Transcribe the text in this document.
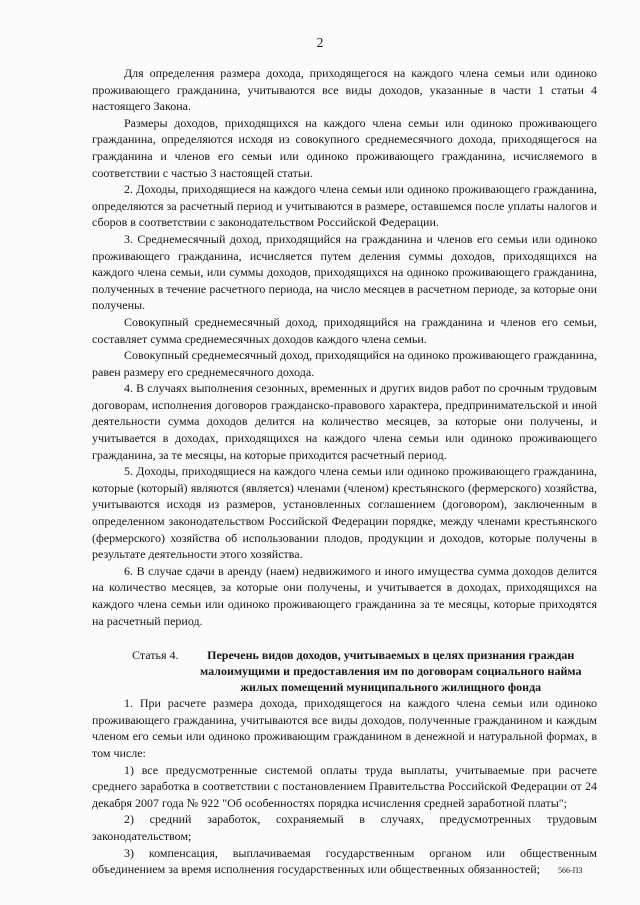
2

Для определения размера дохода, приходящегося на каждого члена семьи или одиноко проживающего гражданина, учитываются все виды доходов, указанные в части 1 статьи 4 настоящего Закона.

Размеры доходов, приходящихся на каждого члена семьи или одиноко проживающего гражданина, определяются исходя из совокупного среднемесячного дохода, приходящегося на гражданина и членов его семьи или одиноко проживающего гражданина, исчисляемого в соответствии с частью 3 настоящей статьи.

2. Доходы, приходящиеся на каждого члена семьи или одиноко проживающего гражданина, определяются за расчетный период и учитываются в размере, оставшемся после уплаты налогов и сборов в соответствии с законодательством Российской Федерации.

3. Среднемесячный доход, приходящийся на гражданина и членов его семьи или одиноко проживающего гражданина, исчисляется путем деления суммы доходов, приходящихся на каждого члена семьи, или суммы доходов, приходящихся на одиноко проживающего гражданина, полученных в течение расчетного периода, на число месяцев в расчетном периоде, за которые они получены.

Совокупный среднемесячный доход, приходящийся на гражданина и членов его семьи, составляет сумма среднемесячных доходов каждого члена семьи.

Совокупный среднемесячный доход, приходящийся на одиноко проживающего гражданина, равен размеру его среднемесячного дохода.

4. В случаях выполнения сезонных, временных и других видов работ по срочным трудовым договорам, исполнения договоров гражданско-правового характера, предпринимательской и иной деятельности сумма доходов делится на количество месяцев, за которые они получены, и учитывается в доходах, приходящихся на каждого члена семьи или одиноко проживающего гражданина, за те месяцы, на которые приходится расчетный период.

5. Доходы, приходящиеся на каждого члена семьи или одиноко проживающего гражданина, которые (который) являются (является) членами (членом) крестьянского (фермерского) хозяйства, учитываются исходя из размеров, установленных соглашением (договором), заключенным в определенном законодательством Российской Федерации порядке, между членами крестьянского (фермерского) хозяйства об использовании плодов, продукции и доходов, которые получены в результате деятельности этого хозяйства.

6. В случае сдачи в аренду (наем) недвижимого и иного имущества сумма доходов делится на количество месяцев, за которые они получены, и учитывается в доходах, приходящихся на каждого члена семьи или одиноко проживающего гражданина за те месяцы, которые приходятся на расчетный период.

Статья 4.	Перечень видов доходов, учитываемых в целях признания граждан малоимущими и предоставления им по договорам социального найма жилых помещений муниципального жилищного фонда

1. При расчете размера дохода, приходящегося на каждого члена семьи или одиноко проживающего гражданина, учитываются все виды доходов, полученные гражданином и каждым членом его семьи или одиноко проживающим гражданином в денежной и натуральной формах, в том числе:

1) все предусмотренные системой оплаты труда выплаты, учитываемые при расчете среднего заработка в соответствии с постановлением Правительства Российской Федерации от 24 декабря 2007 года № 922 "Об особенностях порядка исчисления средней заработной платы";

2) средний заработок, сохраняемый в случаях, предусмотренных трудовым законодательством;

3) компенсация, выплачиваемая государственным органом или общественным объединением за время исполнения государственных или общественных обязанностей;	566-ПЗ
